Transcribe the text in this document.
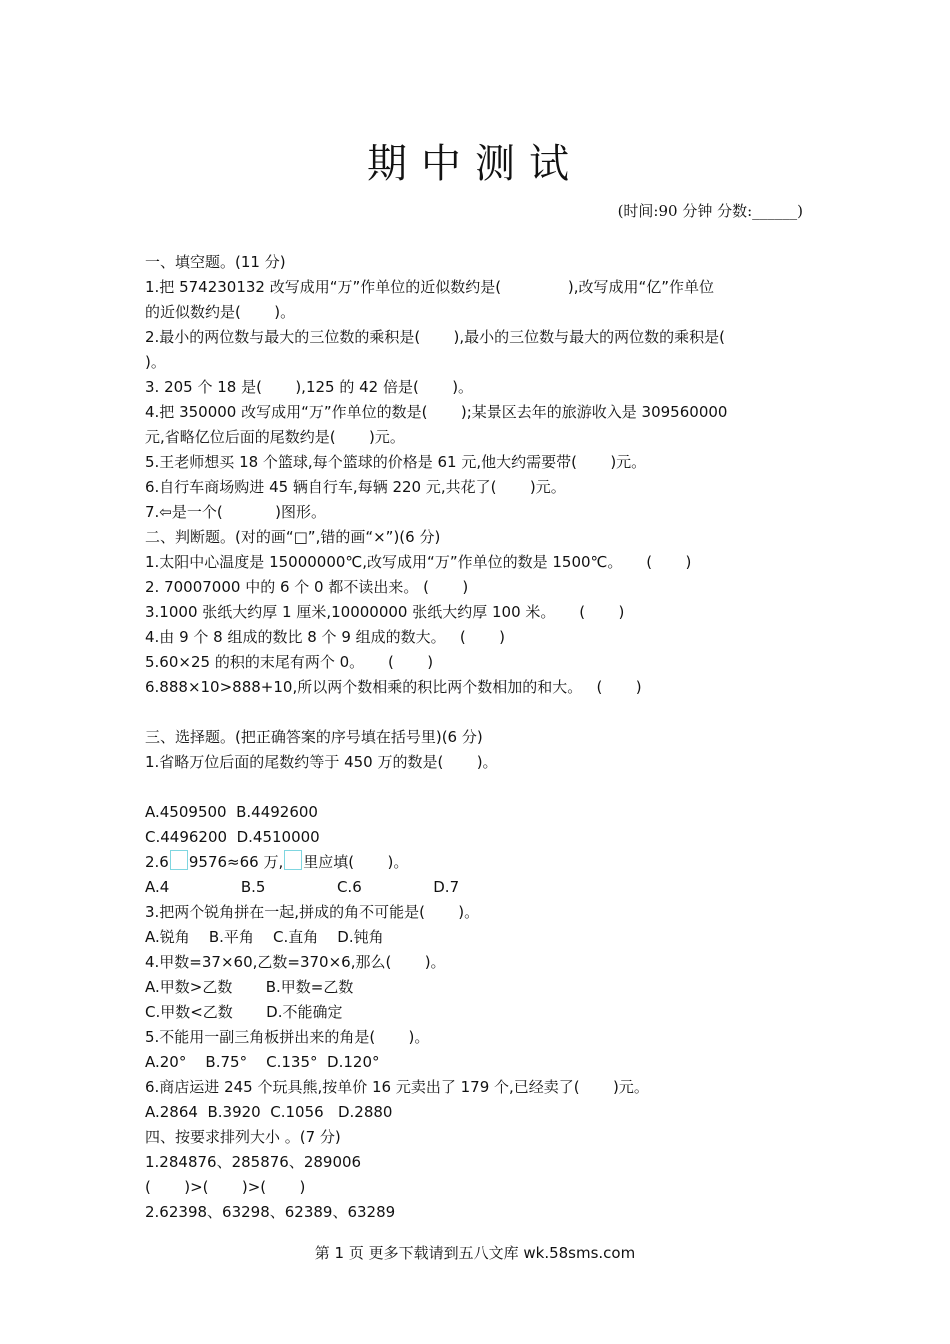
期中测试
(时间:90 分钟 分数:______)

一、填空题。(11 分)

1.把 574230132 改写成用“万”作单位的近似数约是(              ),改写成用“亿”作单位

的近似数约是(       )。

2.最小的两位数与最大的三位数的乘积是(       ),最小的三位数与最大的两位数的乘积是(

)。

3. 205 个 18 是(       ),125 的 42 倍是(       )。

4.把 350000 改写成用“万”作单位的数是(       );某景区去年的旅游收入是 309560000

元,省略亿位后面的尾数约是(       )元。

5.王老师想买 18 个篮球,每个篮球的价格是 61 元,他大约需要带(       )元。

6.自行车商场购进 45 辆自行车,每辆 220 元,共花了(       )元。

7.⇦是一个(           )图形。

二、判断题。(对的画“□”,错的画“×”)(6 分)

1.太阳中心温度是 15000000℃,改写成用“万”作单位的数是 1500℃。     (       )

2. 70007000 中的 6 个 0 都不读出来。 (       )

3.1000 张纸大约厚 1 厘米,10000000 张纸大约厚 100 米。     (       )

4.由 9 个 8 组成的数比 8 个 9 组成的数大。   (       )

5.60×25 的积的末尾有两个 0。     (       )

6.888×10>888+10,所以两个数相乘的积比两个数相加的和大。   (       )

三、选择题。(把正确答案的序号填在括号里)(6 分)

1.省略万位后面的尾数约等于 450 万的数是(       )。

A.4509500  B.4492600

C.4496200  D.4510000

2.6 9576≈66 万, 里应填(       )。

A.4               B.5               C.6               D.7

3.把两个锐角拼在一起,拼成的角不可能是(       )。

A.锐角    B.平角    C.直角    D.钝角

4.甲数=37×60,乙数=370×6,那么(       )。

A.甲数>乙数       B.甲数=乙数

C.甲数<乙数       D.不能确定

5.不能用一副三角板拼出来的角是(       )。

A.20°    B.75°    C.135°  D.120°

6.商店运进 245 个玩具熊,按单价 16 元卖出了 179 个,已经卖了(       )元。

A.2864  B.3920  C.1056   D.2880

四、按要求排列大小 。(7 分)

1.284876、285876、289006

(       )>(       )>(       )

2.62398、63298、62389、63289

第 1 页 更多下载请到五八文库 wk.58sms.com
